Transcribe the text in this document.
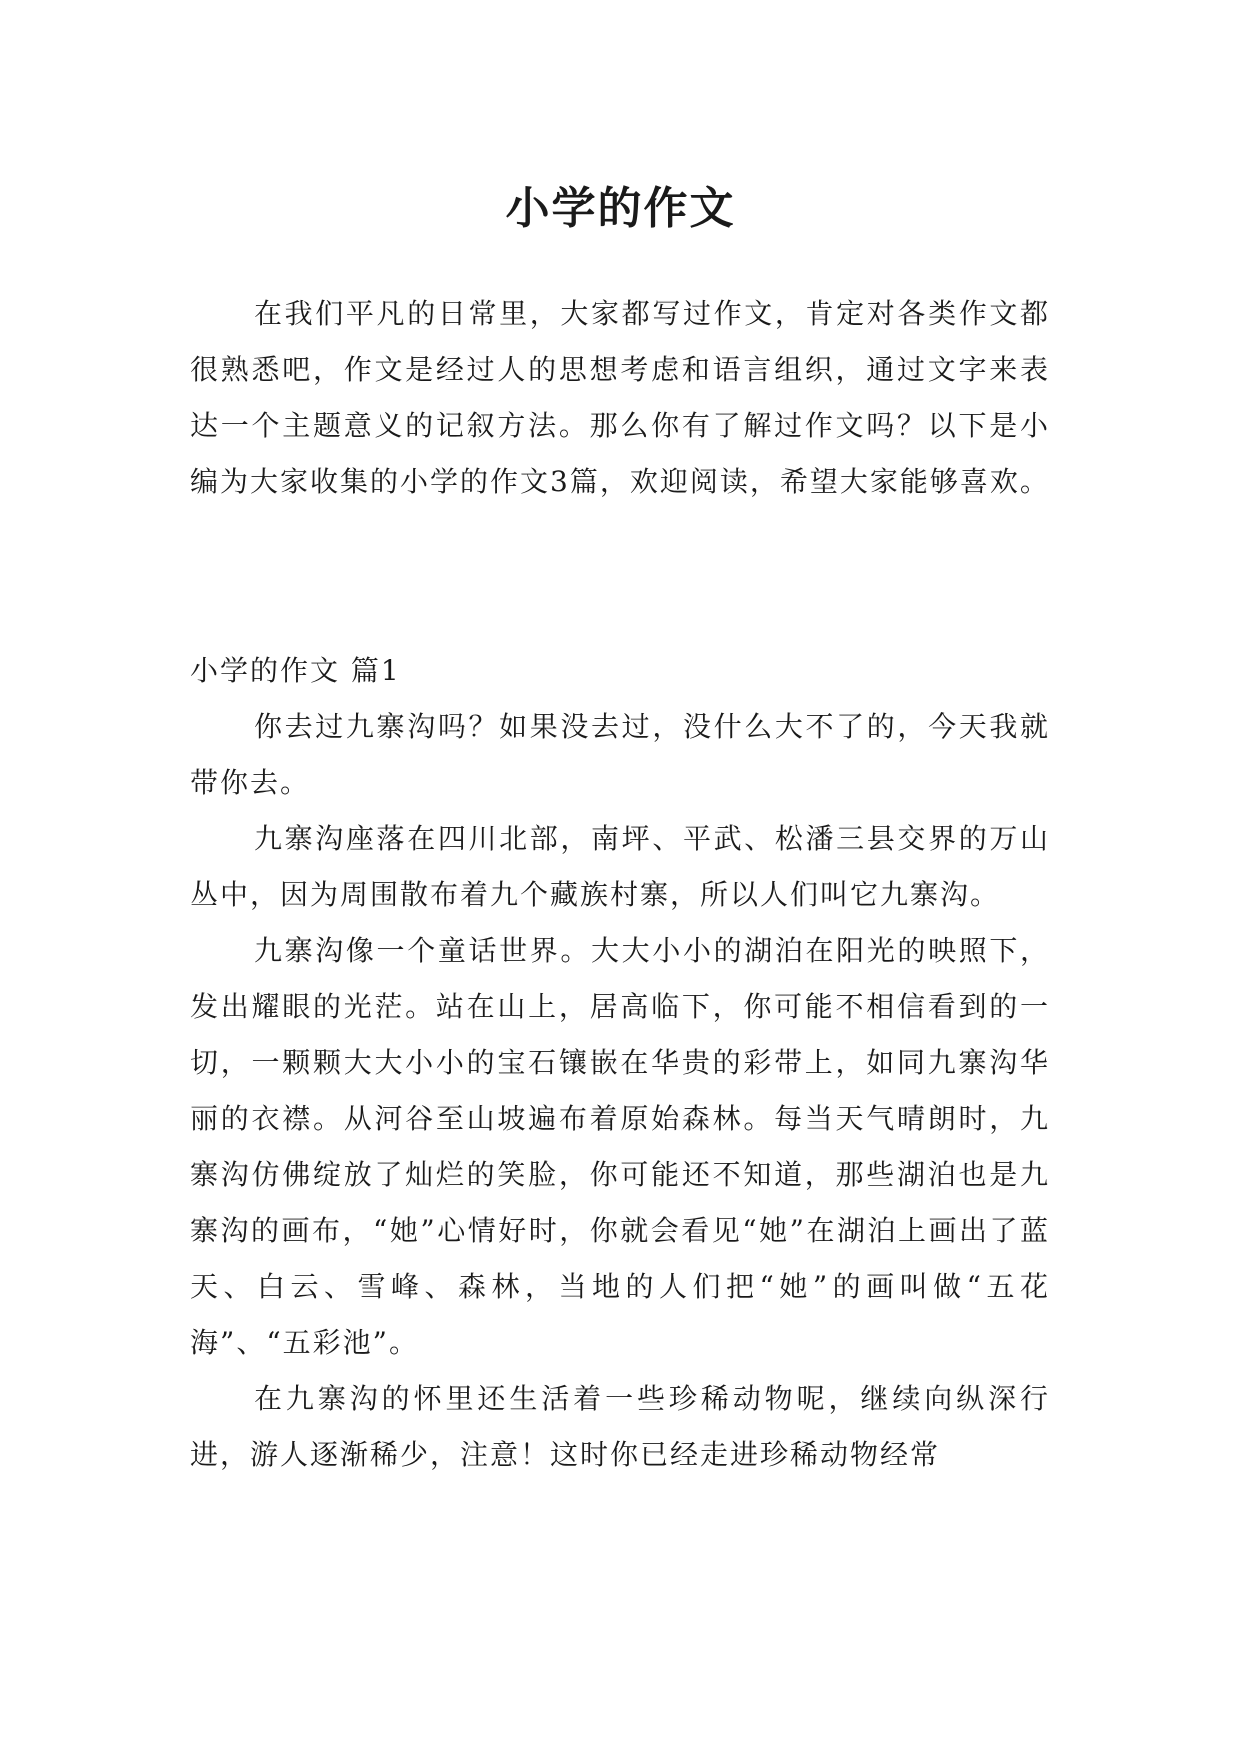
小学的作文

在我们平凡的日常里，大家都写过作文，肯定对各类作文都很熟悉吧，作文是经过人的思想考虑和语言组织，通过文字来表达一个主题意义的记叙方法。那么你有了解过作文吗？以下是小编为大家收集的小学的作文3篇，欢迎阅读，希望大家能够喜欢。

小学的作文 篇1

你去过九寨沟吗？如果没去过，没什么大不了的，今天我就带你去。

九寨沟座落在四川北部，南坪、平武、松潘三县交界的万山丛中，因为周围散布着九个藏族村寨，所以人们叫它九寨沟。

九寨沟像一个童话世界。大大小小的湖泊在阳光的映照下，发出耀眼的光茫。站在山上，居高临下，你可能不相信看到的一切，一颗颗大大小小的宝石镶嵌在华贵的彩带上，如同九寨沟华丽的衣襟。从河谷至山坡遍布着原始森林。每当天气晴朗时，九寨沟仿佛绽放了灿烂的笑脸，你可能还不知道，那些湖泊也是九寨沟的画布，“她”心情好时，你就会看见“她”在湖泊上画出了蓝天、白云、雪峰、森林，当地的人们把“她”的画叫做“五花海”、“五彩池”。

在九寨沟的怀里还生活着一些珍稀动物呢，继续向纵深行进，游人逐渐稀少，注意！这时你已经走进珍稀动物经常
